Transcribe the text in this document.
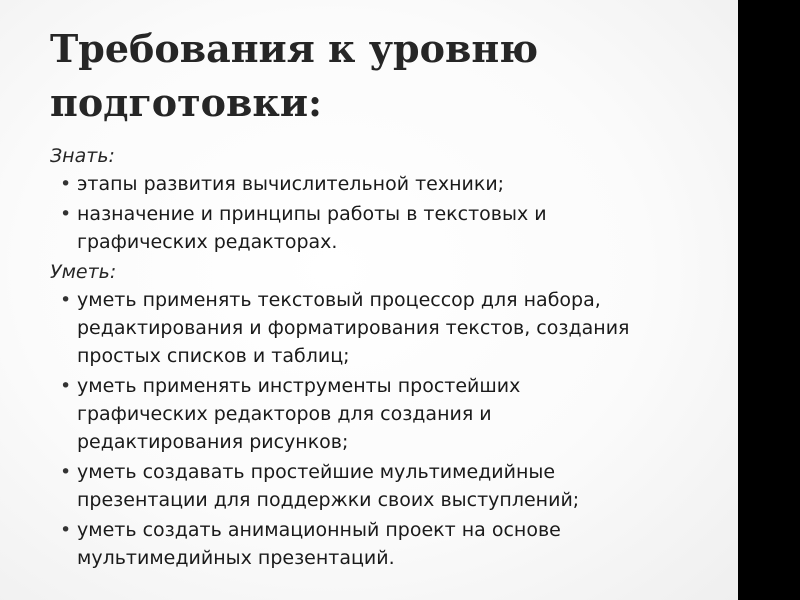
Требования к уровню
подготовки:

Знать:

• этапы развития вычислительной техники;
• назначение и принципы работы в текстовых и
графических редакторах.

Уметь:

• уметь применять текстовый процессор для набора,
редактирования и форматирования текстов, создания
простых списков и таблиц;
• уметь применять инструменты простейших
графических редакторов для создания и
редактирования рисунков;
• уметь создавать простейшие мультимедийные
презентации для поддержки своих выступлений;
• уметь создать анимационный проект на основе
мультимедийных презентаций.
